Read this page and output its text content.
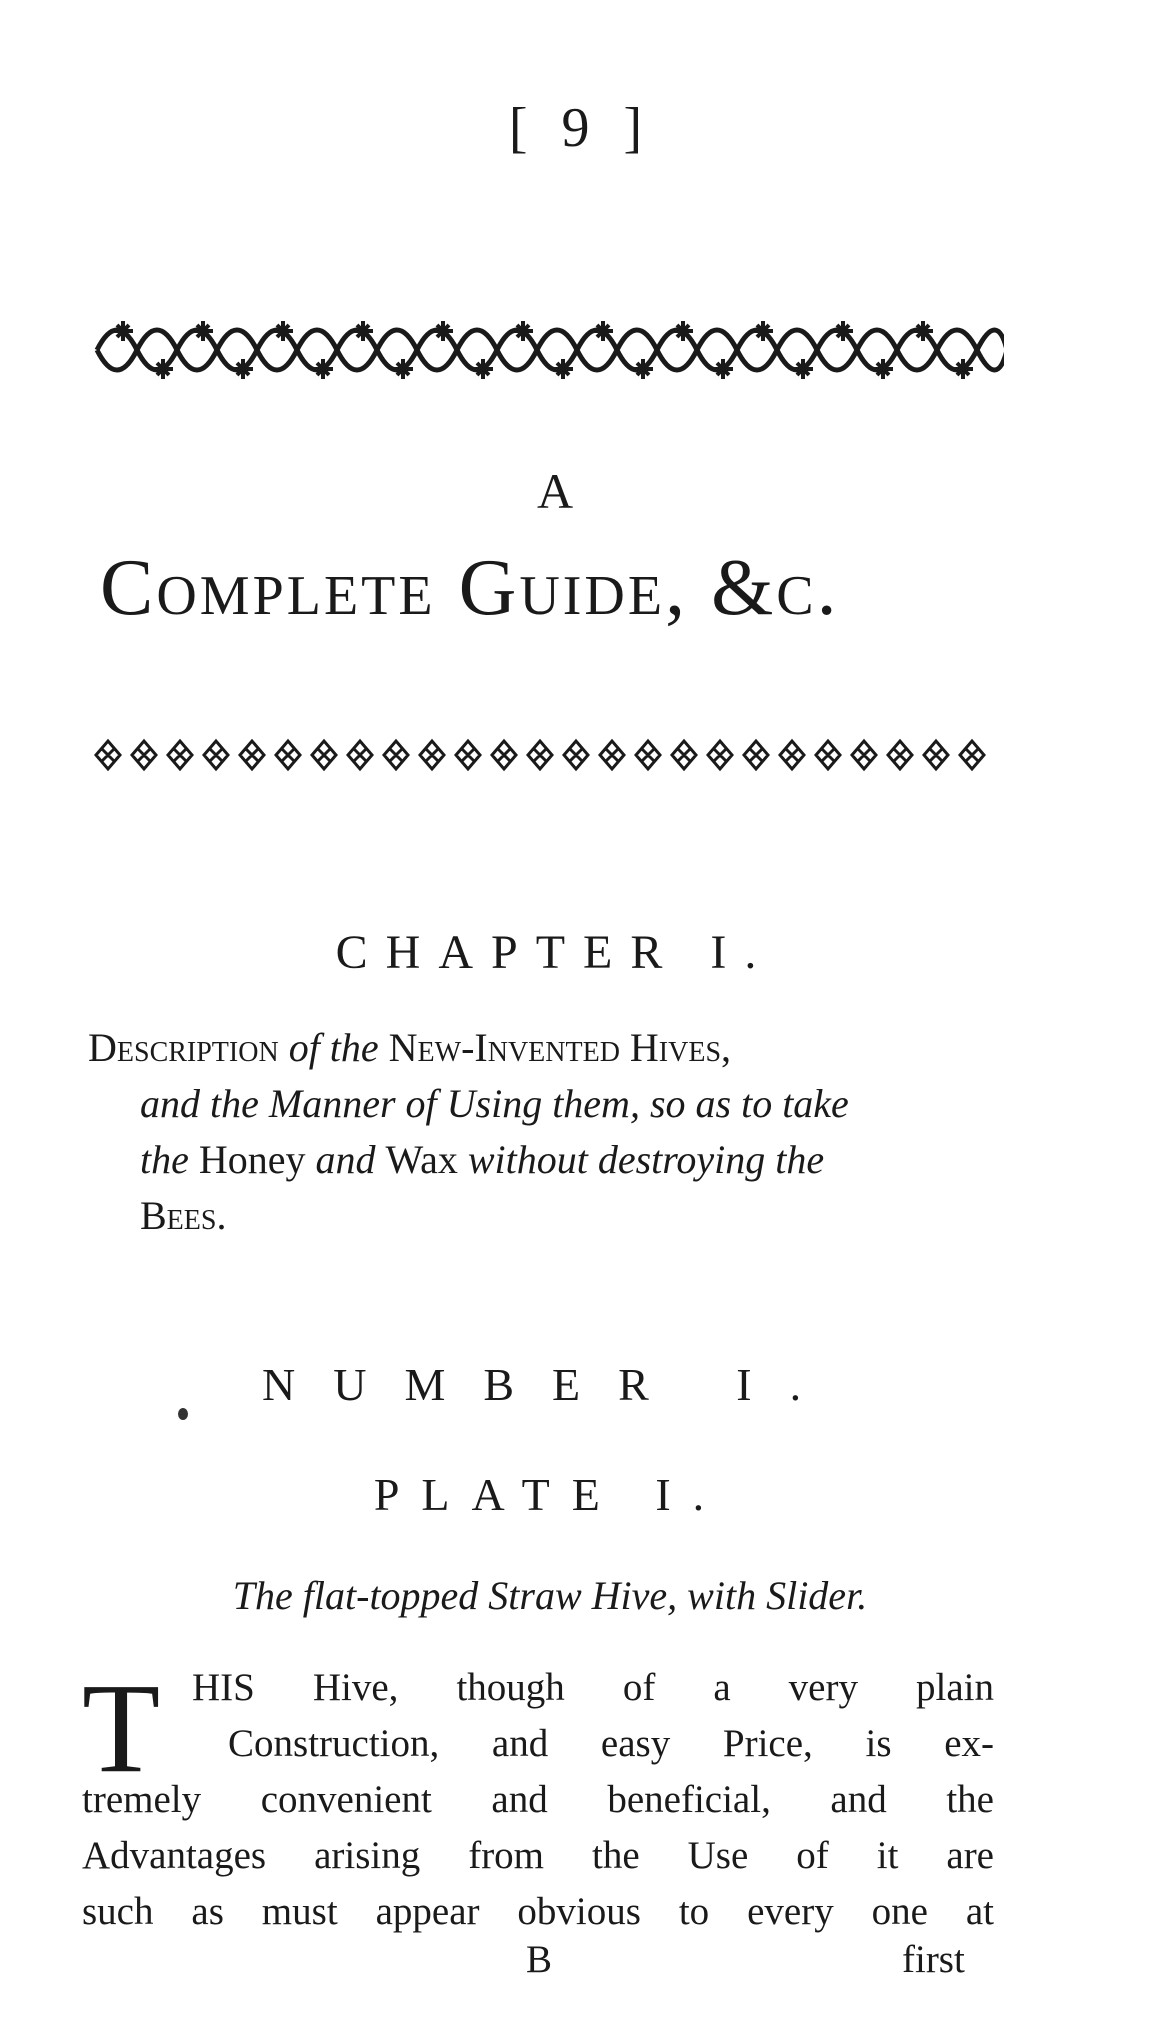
[ 9 ]
A
Complete Guide, &c.
CHAPTER I.
Description of the New-Invented Hives,
and the Manner of Using them, so as to take
the Honey and Wax without destroying the
Bees.
NUMBER I.
PLATE I.
The flat-topped Straw Hive, with Slider.
T HIS Hive, though of a very plain
Construction, and easy Price, is ex-
tremely convenient and beneficial, and the
Advantages arising from the Use of it are
such as must appear obvious to every one at
B	first
